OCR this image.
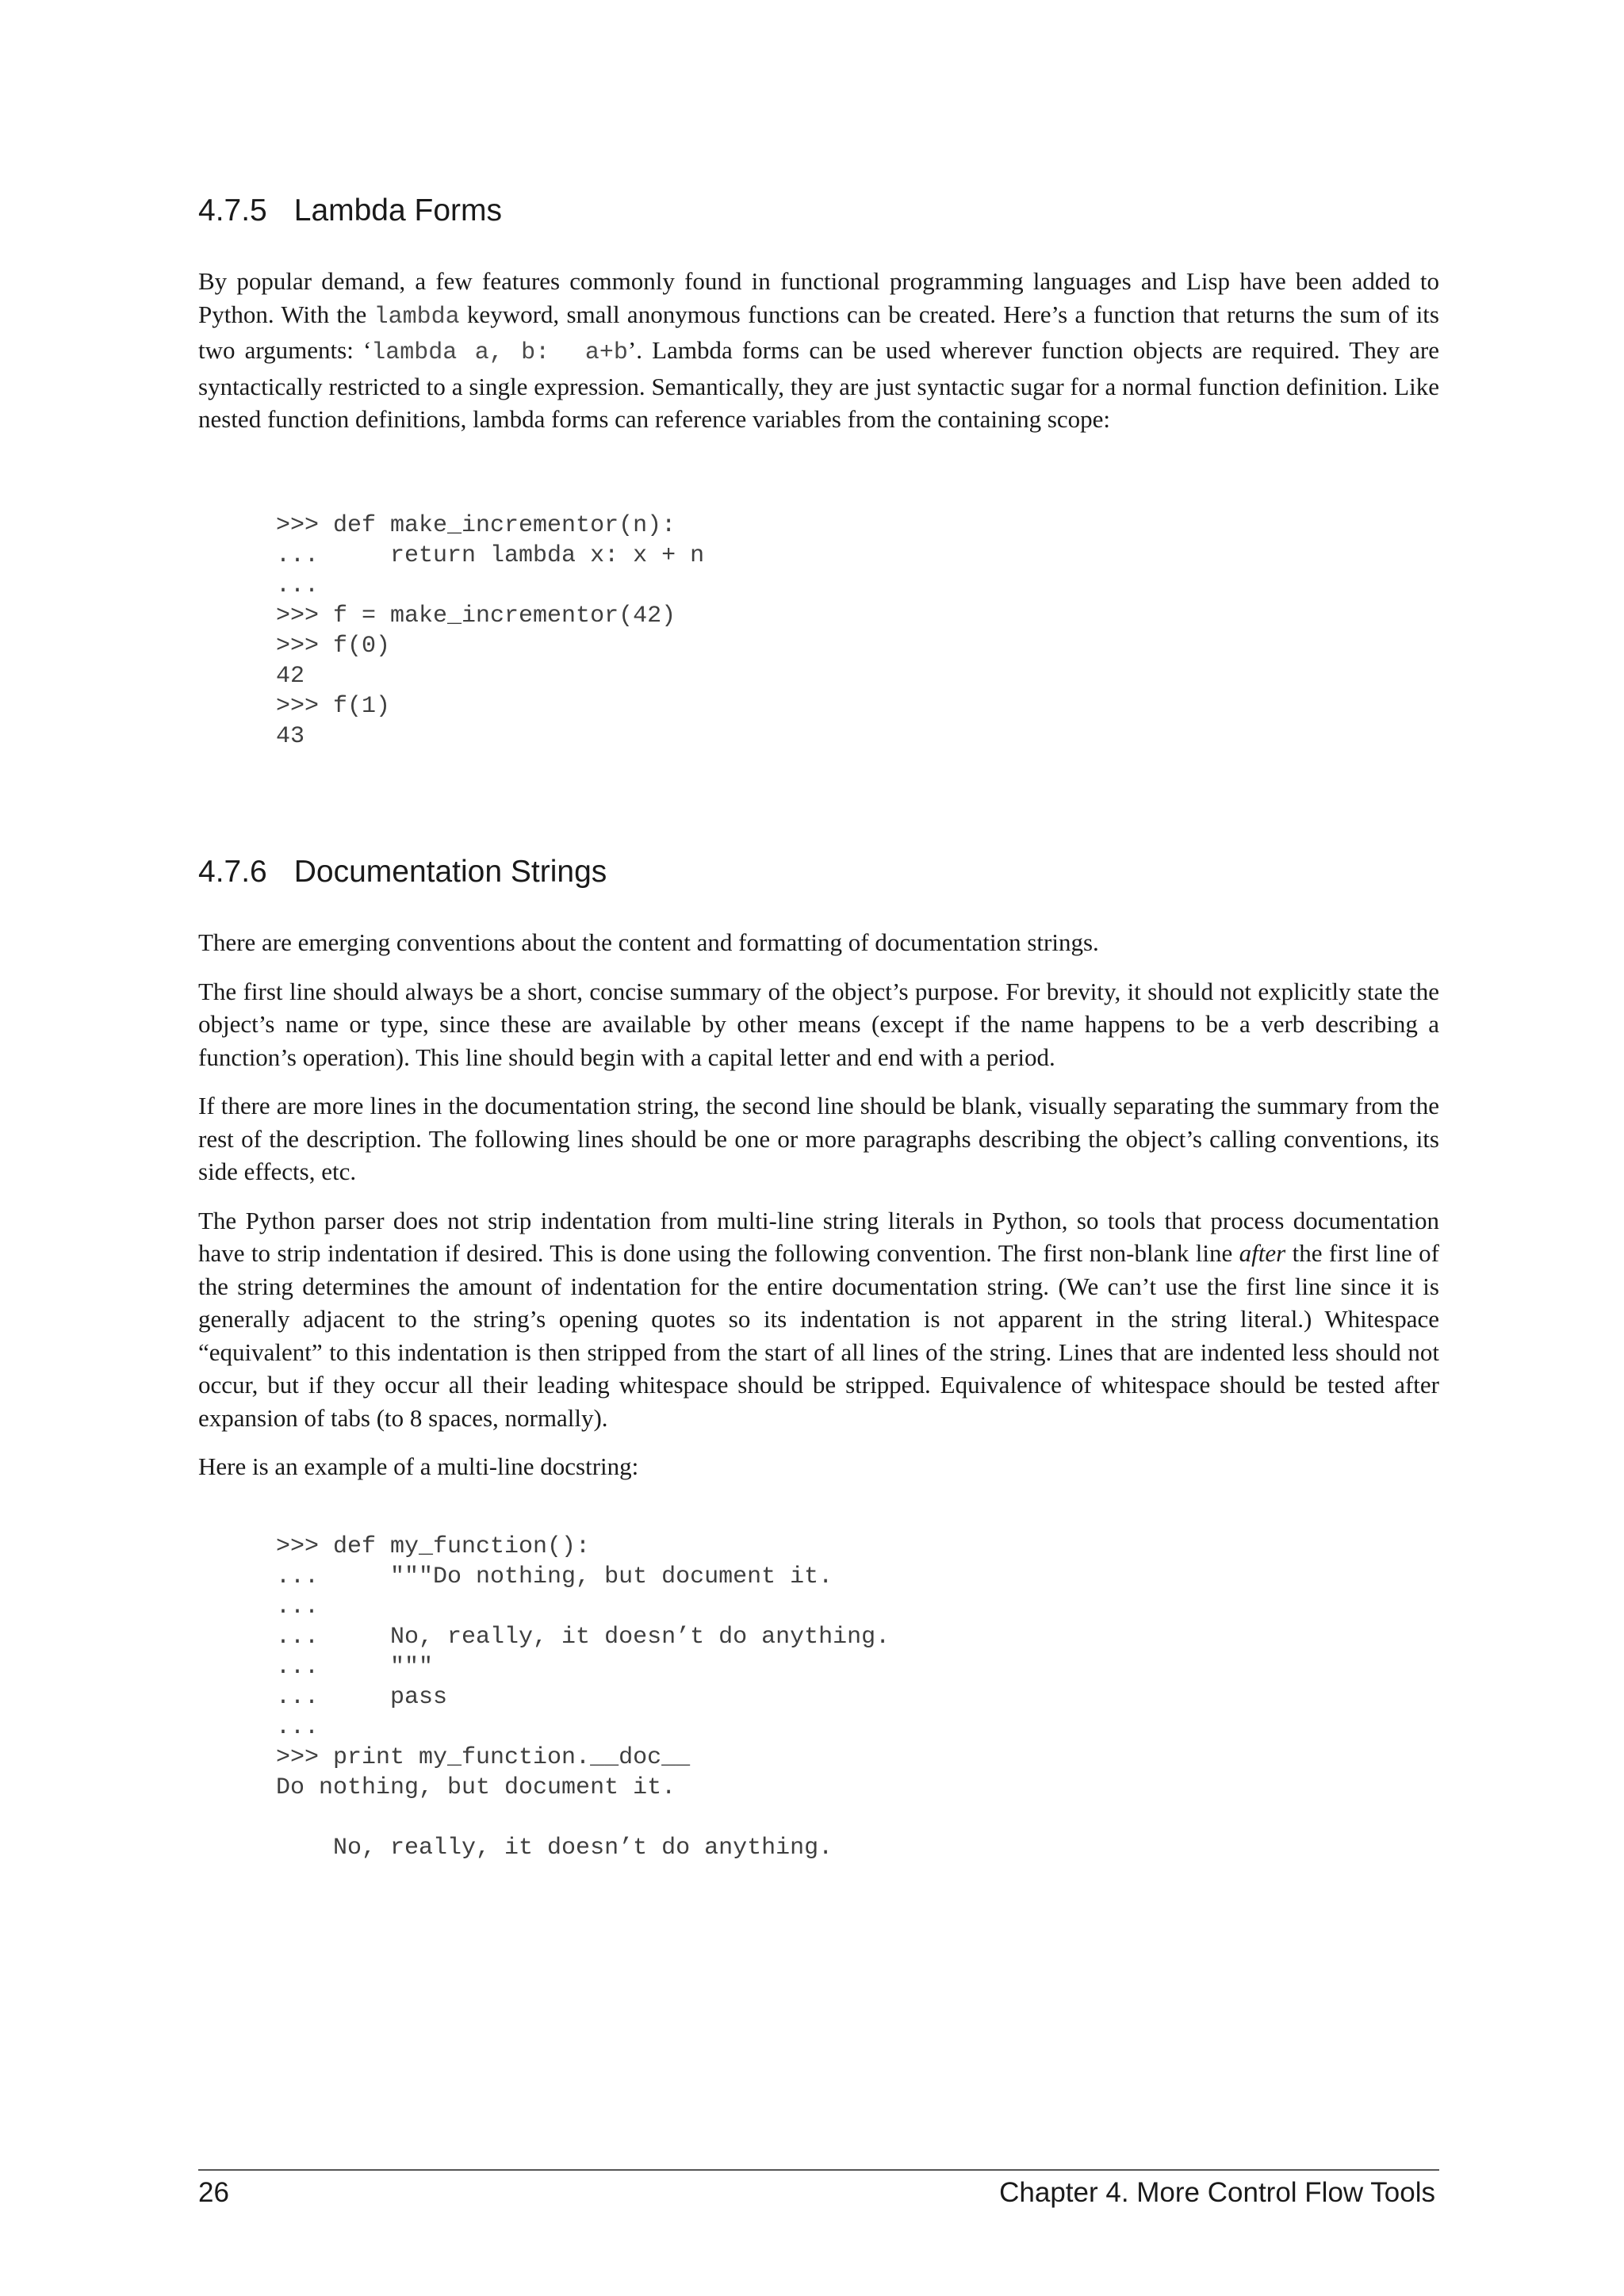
4.7.5 Lambda Forms

By popular demand, a few features commonly found in functional programming languages and Lisp have been added to Python. With the lambda keyword, small anonymous functions can be created. Here’s a function that returns the sum of its two arguments: ‘lambda a, b:  a+b’. Lambda forms can be used wherever function objects are required. They are syntactically restricted to a single expression. Semantically, they are just syntactic sugar for a normal function definition. Like nested function definitions, lambda forms can reference variables from the containing scope:

>>> def make_incrementor(n):
...     return lambda x: x + n
...
>>> f = make_incrementor(42)
>>> f(0)
42
>>> f(1)
43
4.7.6 Documentation Strings

There are emerging conventions about the content and formatting of documentation strings.

The first line should always be a short, concise summary of the object’s purpose. For brevity, it should not explicitly state the object’s name or type, since these are available by other means (except if the name happens to be a verb describing a function’s operation). This line should begin with a capital letter and end with a period.

If there are more lines in the documentation string, the second line should be blank, visually separating the summary from the rest of the description. The following lines should be one or more paragraphs describing the object’s calling conventions, its side effects, etc.

The Python parser does not strip indentation from multi-line string literals in Python, so tools that process documentation have to strip indentation if desired. This is done using the following convention. The first non-blank line after the first line of the string determines the amount of indentation for the entire documentation string. (We can’t use the first line since it is generally adjacent to the string’s opening quotes so its indentation is not apparent in the string literal.) Whitespace “equivalent” to this indentation is then stripped from the start of all lines of the string. Lines that are indented less should not occur, but if they occur all their leading whitespace should be stripped. Equivalence of whitespace should be tested after expansion of tabs (to 8 spaces, normally).

Here is an example of a multi-line docstring:

>>> def my_function():
...     """Do nothing, but document it.
...
...     No, really, it doesn’t do anything.
...     """
...     pass
...
>>> print my_function.__doc__
Do nothing, but document it.
No, really, it doesn’t do anything.
26	Chapter 4. More Control Flow Tools
